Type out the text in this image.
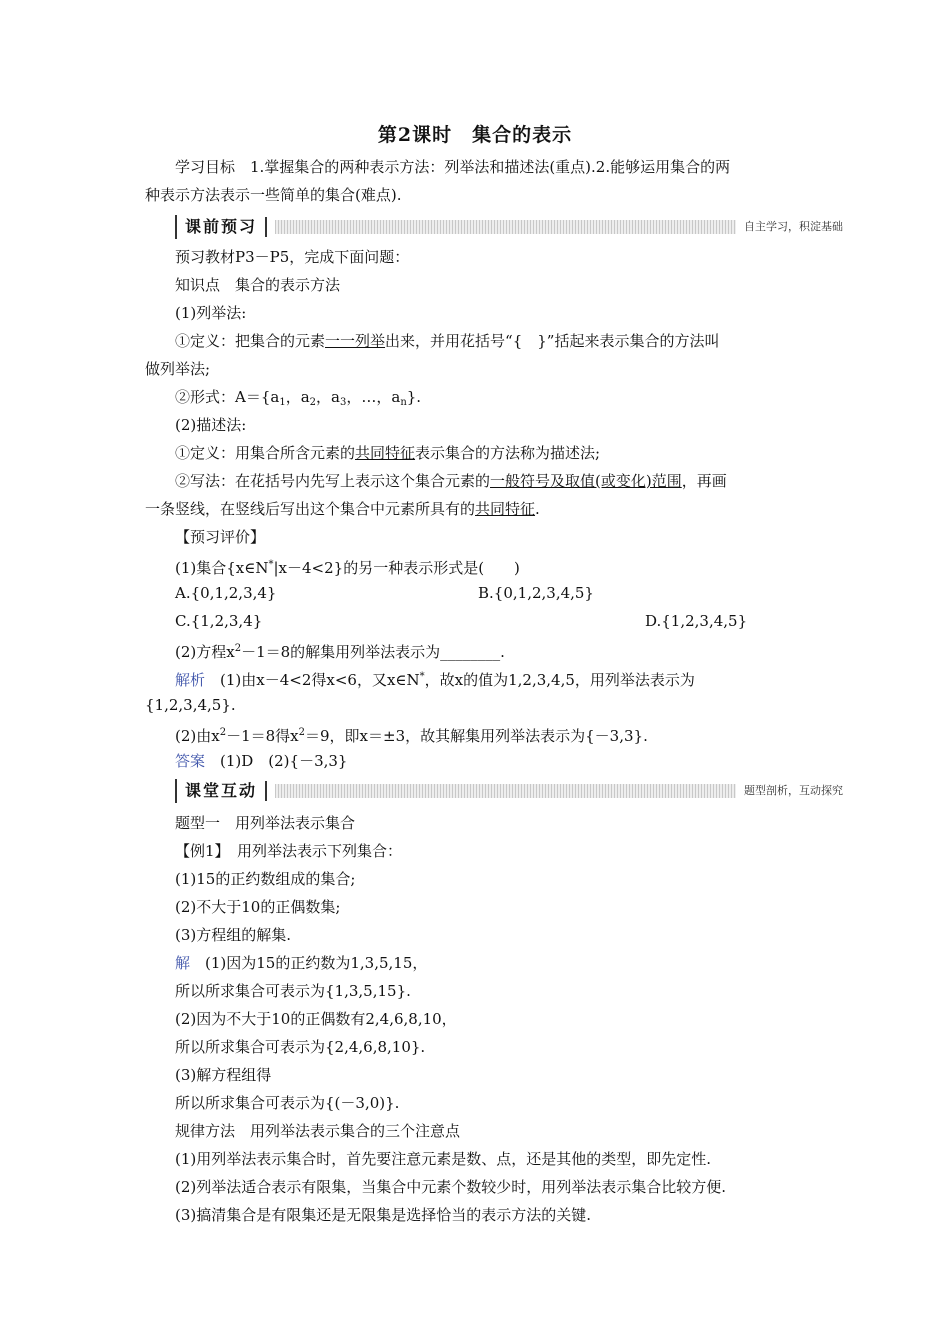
第2课时　集合的表示
学习目标　1.掌握集合的两种表示方法：列举法和描述法(重点).2.能够运用集合的两
种表示方法表示一些简单的集合(难点).
课前预习	自主学习，积淀基础
预习教材P3－P5，完成下面问题：
知识点　集合的表示方法
(1)列举法:
①定义：把集合的元素一一列举出来，并用花括号“{　}”括起来表示集合的方法叫
做列举法;
②形式：$A=\{a_1$，$a_2$，$a_3$，…，$a_n$}.
(2)描述法:
①定义：用集合所含元素的共同特征表示集合的方法称为描述法;
②写法：在花括号内先写上表示这个集合元素的一般符号及取值(或变化)范围，再画
一条竖线，在竖线后写出这个集合中元素所具有的共同特征.
【预习评价】
(1)集合{x∈N*|x－4<2}的另一种表示形式是(　　)
A.{0,1,2,3,4}	B.{0,1,2,3,4,5}
C.{1,2,3,4}	D.{1,2,3,4,5}
(2)方程$x^2-1=8$的解集用列举法表示为________.
解析　(1)由x－4<2得x<6，又x∈N*，故x的值为1,2,3,4,5，用列举法表示为
{1,2,3,4,5}.
(2)由$x^2-1=8$得$x^2=9$，即x＝±3，故其解集用列举法表示为{－3,3}.
答案　(1)D　(2){－3,3}
课堂互动	题型剖析，互动探究
题型一　用列举法表示集合
【例1】　用列举法表示下列集合：
(1)15的正约数组成的集合;
(2)不大于10的正偶数集;
(3)方程组的解集.
解　(1)因为15的正约数为1,3,5,15，
所以所求集合可表示为{1,3,5,15}.
(2)因为不大于10的正偶数有2,4,6,8,10，
所以所求集合可表示为{2,4,6,8,10}.
(3)解方程组得
所以所求集合可表示为{(－3,0)}.
规律方法　用列举法表示集合的三个注意点
(1)用列举法表示集合时，首先要注意元素是数、点，还是其他的类型，即先定性.
(2)列举法适合表示有限集，当集合中元素个数较少时，用列举法表示集合比较方便.
(3)搞清集合是有限集还是无限集是选择恰当的表示方法的关键.
